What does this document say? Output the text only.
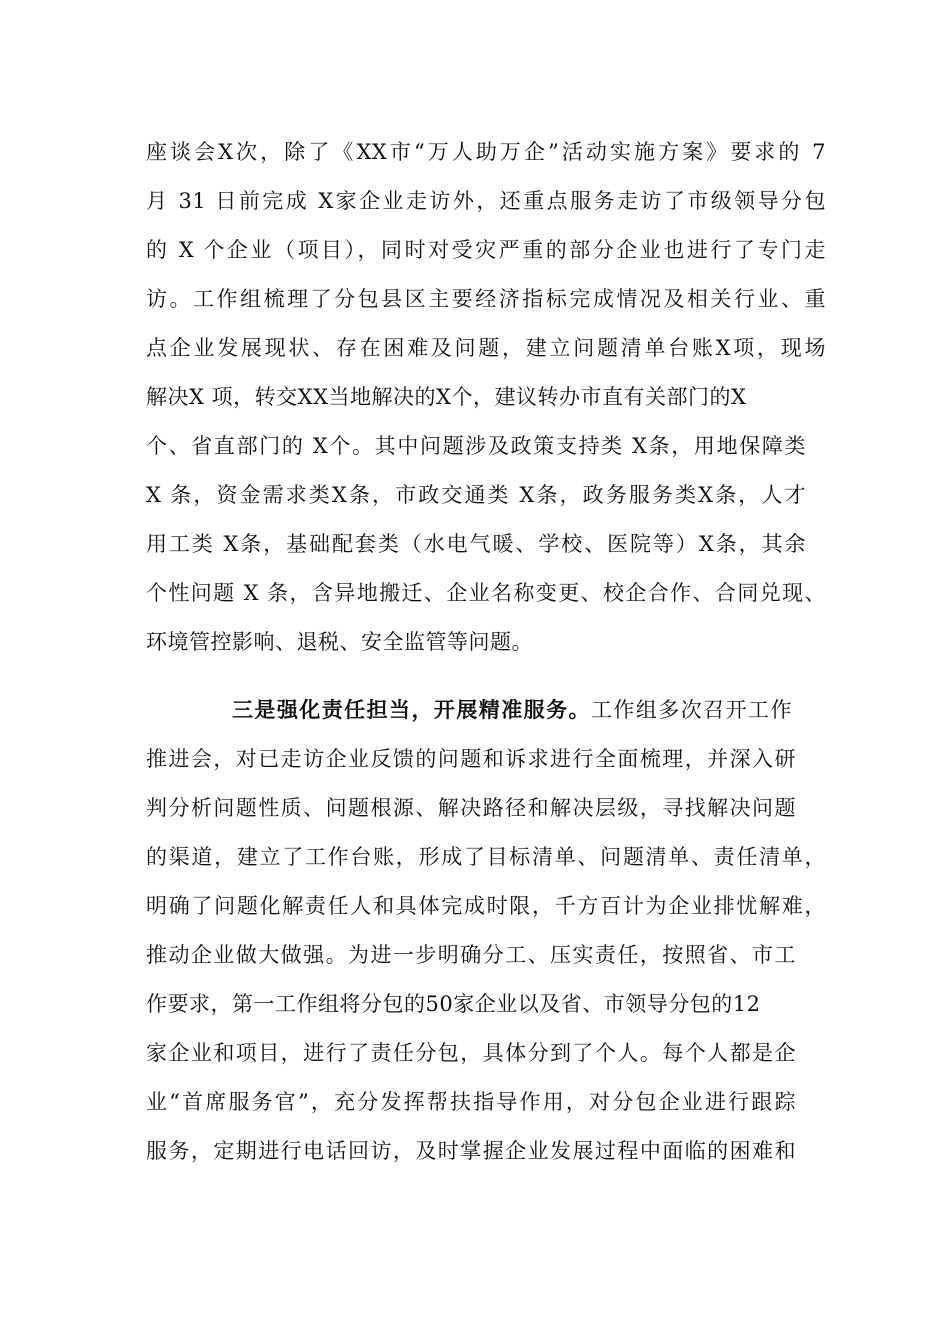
座谈会X次，除了《XX市“万人助万企”活动实施方案》要求的 7
月 31 日前完成 X家企业走访外，还重点服务走访了市级领导分包
的 X 个企业（项目），同时对受灾严重的部分企业也进行了专门走
访。工作组梳理了分包县区主要经济指标完成情况及相关行业、重
点企业发展现状、存在困难及问题，建立问题清单台账X项，现场
解决X 项，转交XX当地解决的X个，建议转办市直有关部门的X
个、省直部门的 X个。其中问题涉及政策支持类 X条，用地保障类
X 条，资金需求类X条，市政交通类 X条，政务服务类X条，人才
用工类 X条，基础配套类（水电气暖、学校、医院等）X条，其余
个性问题 X 条，含异地搬迁、企业名称变更、校企合作、合同兑现、
环境管控影响、退税、安全监管等问题。
三是强化责任担当，开展精准服务。工作组多次召开工作
推进会，对已走访企业反馈的问题和诉求进行全面梳理，并深入研
判分析问题性质、问题根源、解决路径和解决层级，寻找解决问题
的渠道，建立了工作台账，形成了目标清单、问题清单、责任清单，
明确了问题化解责任人和具体完成时限，千方百计为企业排忧解难，
推动企业做大做强。为进一步明确分工、压实责任，按照省、市工
作要求，第一工作组将分包的50家企业以及省、市领导分包的12
家企业和项目，进行了责任分包，具体分到了个人。每个人都是企
业“首席服务官”，充分发挥帮扶指导作用，对分包企业进行跟踪
服务，定期进行电话回访，及时掌握企业发展过程中面临的困难和
